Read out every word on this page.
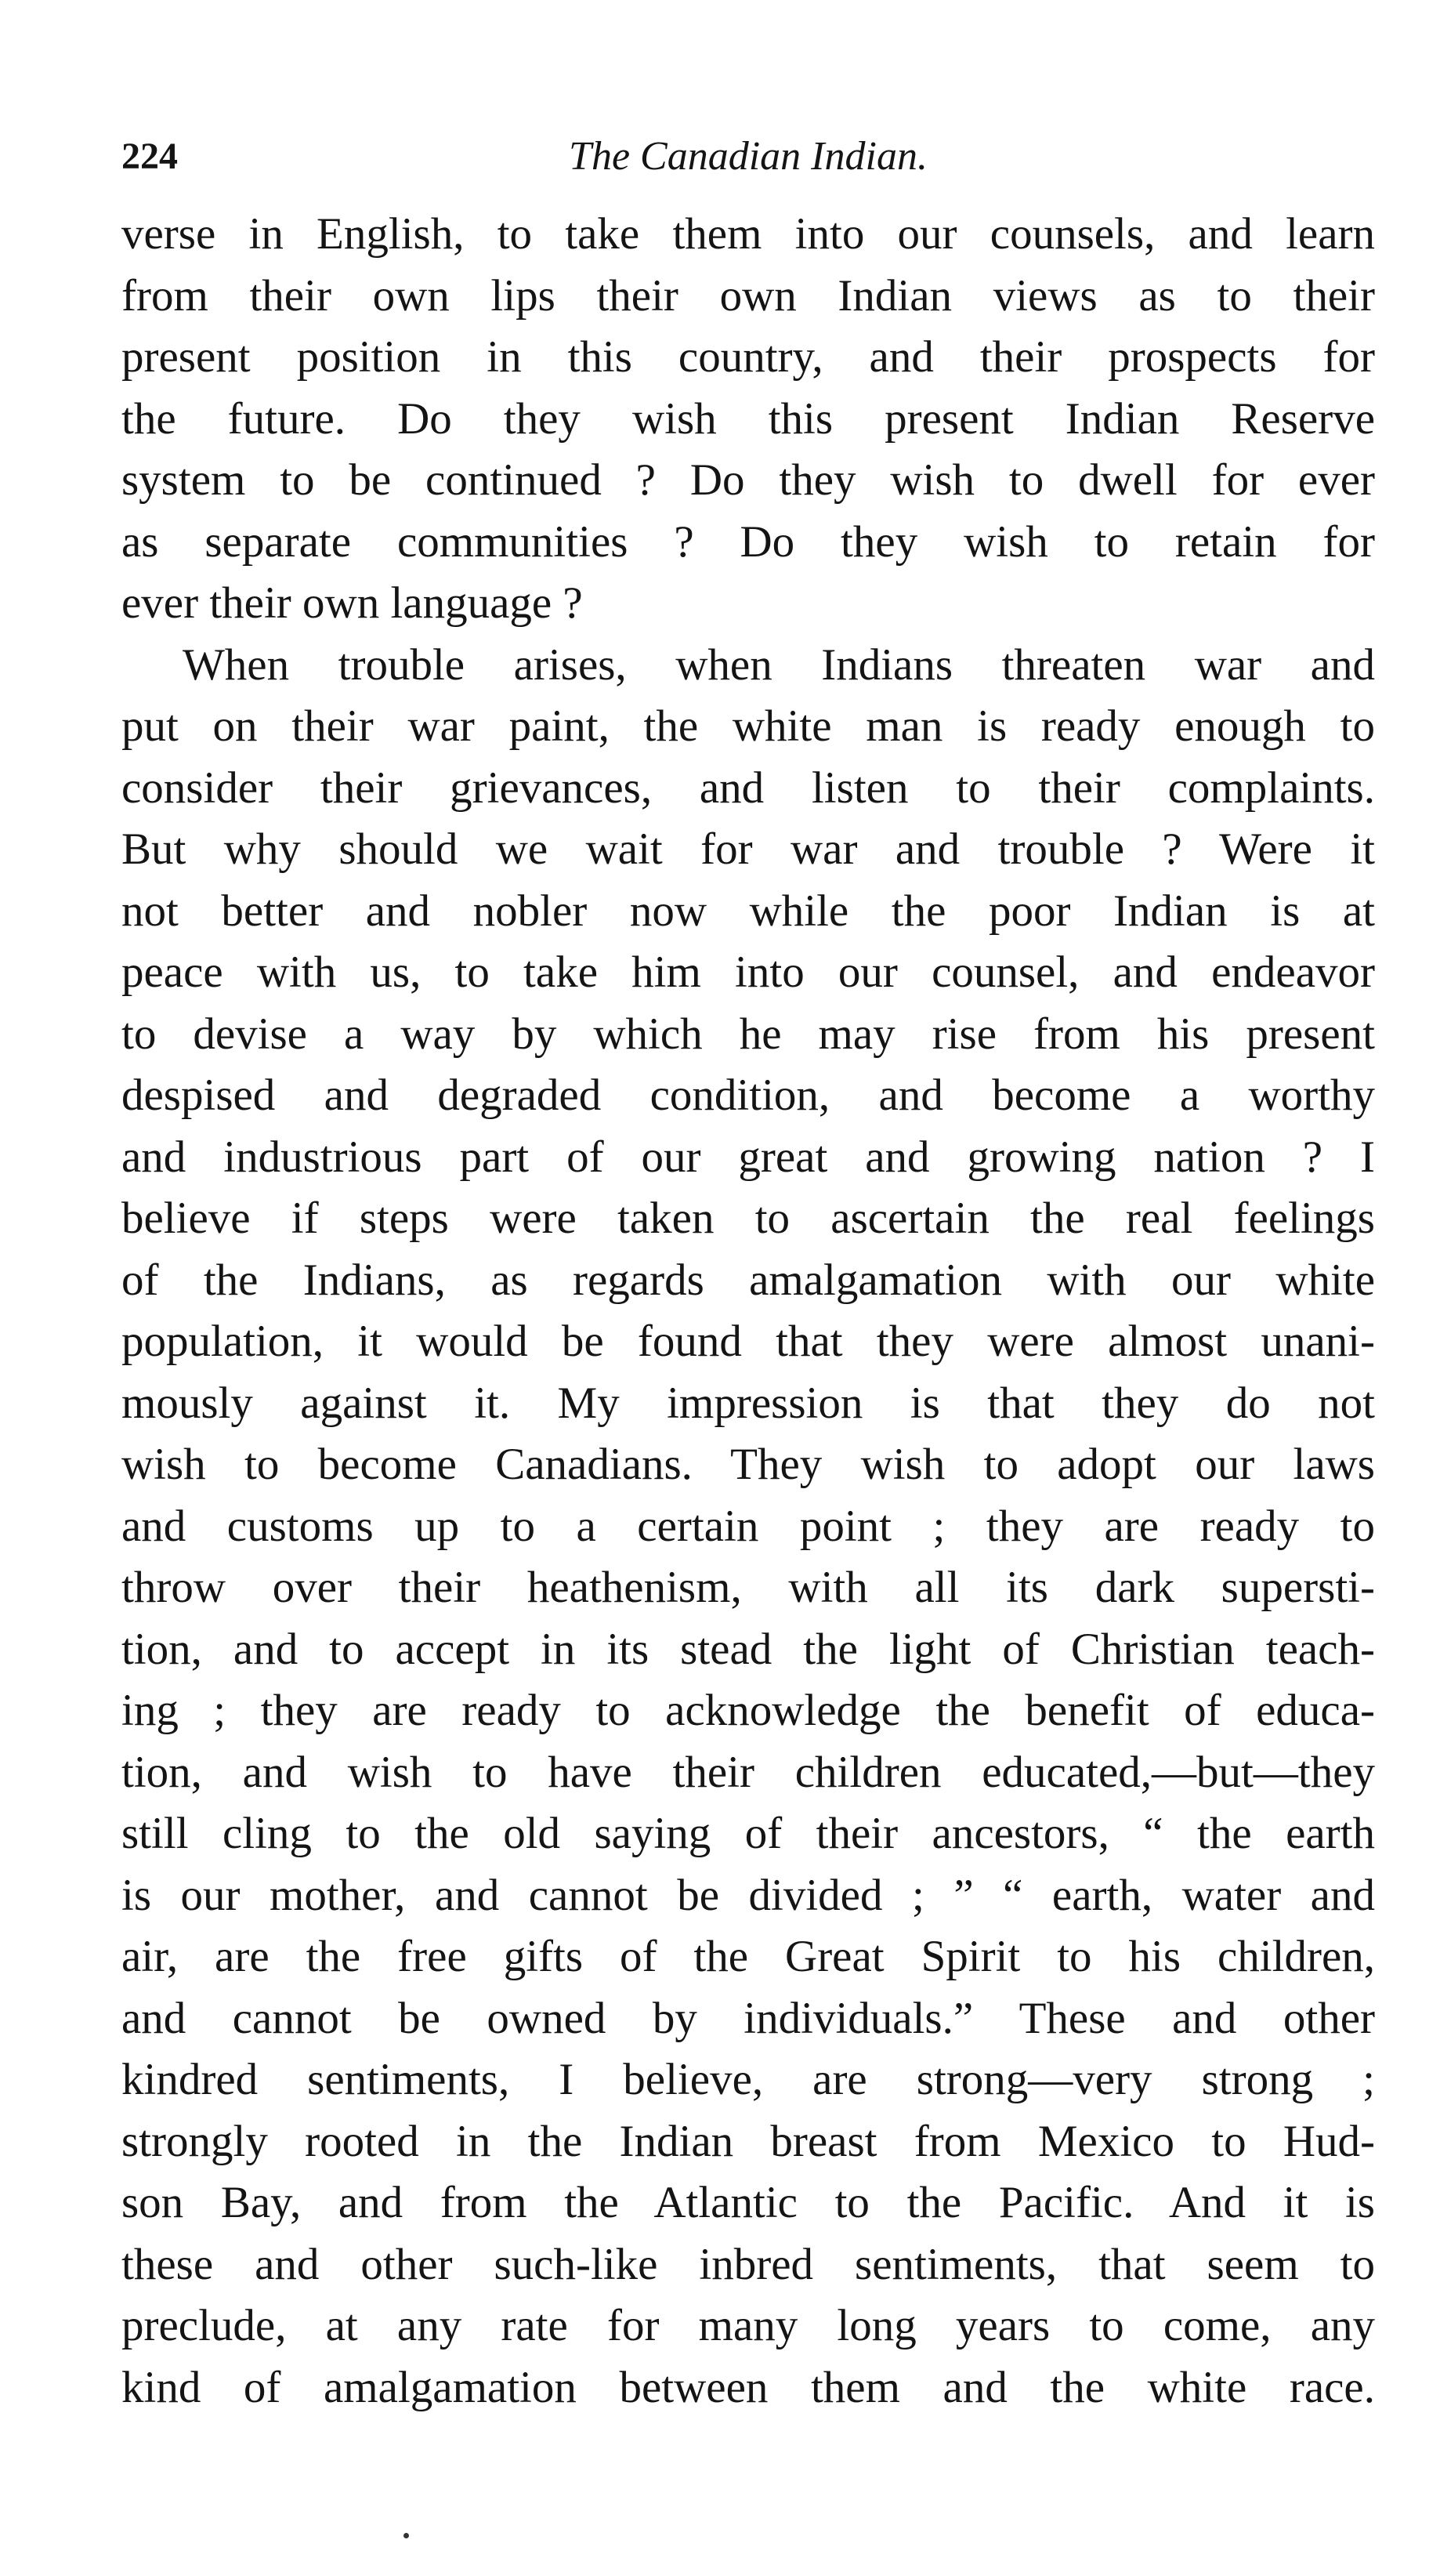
224	The Canadian Indian.

verse in English, to take them into our counsels, and learn
from their own lips their own Indian views as to their
present position in this country, and their prospects for
the future. Do they wish this present Indian Reserve
system to be continued ? Do they wish to dwell for ever
as separate communities ? Do they wish to retain for
ever their own language ?

When trouble arises, when Indians threaten war and
put on their war paint, the white man is ready enough to
consider their grievances, and listen to their complaints.
But why should we wait for war and trouble ? Were it
not better and nobler now while the poor Indian is at
peace with us, to take him into our counsel, and endeavor
to devise a way by which he may rise from his present
despised and degraded condition, and become a worthy
and industrious part of our great and growing nation ? I
believe if steps were taken to ascertain the real feelings
of the Indians, as regards amalgamation with our white
population, it would be found that they were almost unani-
mously against it. My impression is that they do not
wish to become Canadians. They wish to adopt our laws
and customs up to a certain point ; they are ready to
throw over their heathenism, with all its dark supersti-
tion, and to accept in its stead the light of Christian teach-
ing ; they are ready to acknowledge the benefit of educa-
tion, and wish to have their children educated,—but—they
still cling to the old saying of their ancestors, “ the earth
is our mother, and cannot be divided ; ” “ earth, water and
air, are the free gifts of the Great Spirit to his children,
and cannot be owned by individuals.” These and other
kindred sentiments, I believe, are strong—very strong ;
strongly rooted in the Indian breast from Mexico to Hud-
son Bay, and from the Atlantic to the Pacific. And it is
these and other such-like inbred sentiments, that seem to
preclude, at any rate for many long years to come, any
kind of amalgamation between them and the white race.
